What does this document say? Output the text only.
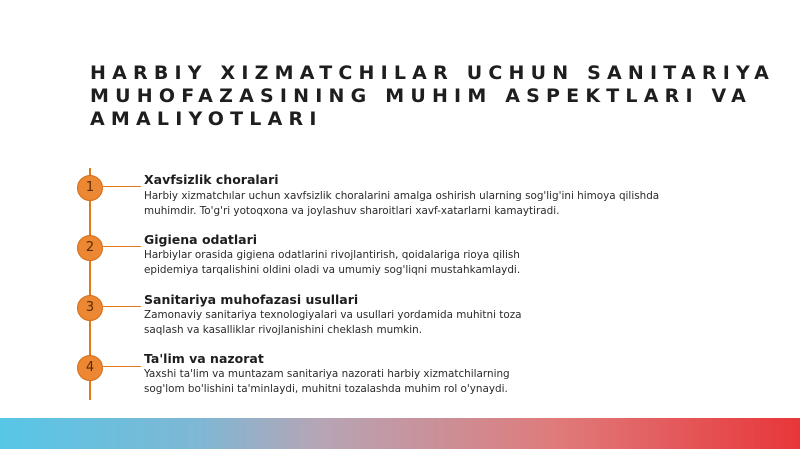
HARBIY XIZMATCHILAR UCHUN SANITARIYA MUHOFAZASINING MUHIM ASPEKTLARI VA AMALIYOTLARI
1
Xavfsizlik choralari
Harbiy xizmatchılar uchun xavfsizlik choralarini amalga oshirish ularning sog'lig'ini himoya qilishda
muhimdir. To'g'ri yotoqxona va joylashuv sharoitlari xavf-xatarlarni kamaytiradi.
2
Gigiena odatlari
Harbiylar orasida gigiena odatlarini rivojlantirish, qoidalariga rioya qilish
epidemiya tarqalishini oldini oladi va umumiy sog'liqni mustahkamlaydi.
3
Sanitariya muhofazasi usullari
Zamonaviy sanitariya texnologiyalari va usullari yordamida muhitni toza
saqlash va kasalliklar rivojlanishini cheklash mumkin.
4
Ta'lim va nazorat
Yaxshi ta'lim va muntazam sanitariya nazorati harbiy xizmatchilarning
sog'lom bo'lishini ta'minlaydi, muhitni tozalashda muhim rol o'ynaydi.
